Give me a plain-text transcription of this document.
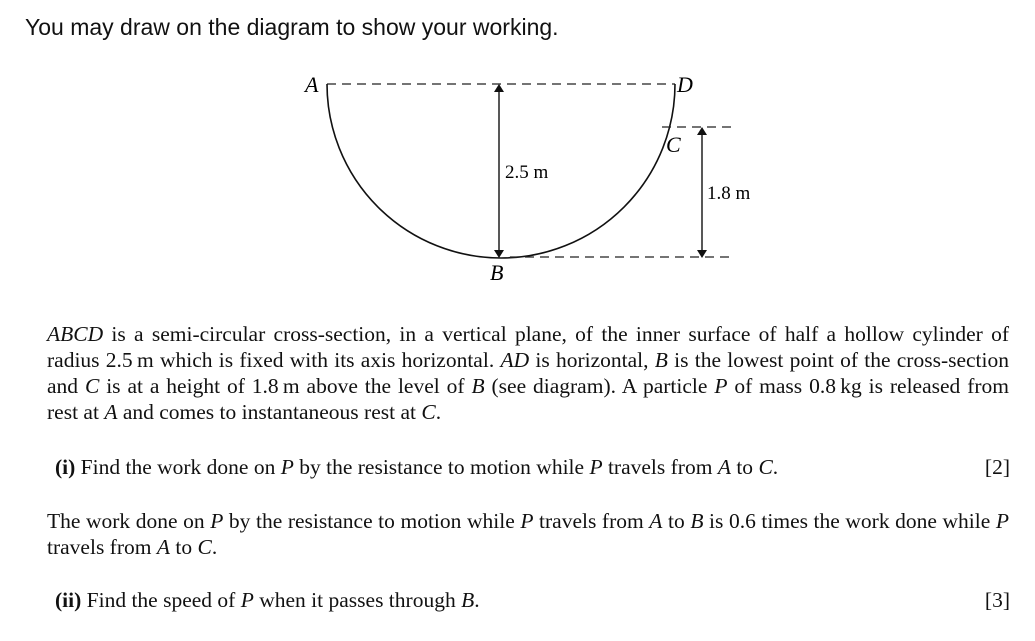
You may draw on the diagram to show your working.
A	D
C
B
2.5 m
1.8 m

ABCD is a semi-circular cross-section, in a vertical plane, of the inner surface of half a hollow cylinder of radius 2.5 m which is fixed with its axis horizontal. AD is horizontal, B is the lowest point of the cross-section and C is at a height of 1.8 m above the level of B (see diagram). A particle P of mass 0.8 kg is released from rest at A and comes to instantaneous rest at C.

(i) Find the work done on P by the resistance to motion while P travels from A to C.	[2]

The work done on P by the resistance to motion while P travels from A to B is 0.6 times the work done while P travels from A to C.

(ii) Find the speed of P when it passes through B.	[3]
